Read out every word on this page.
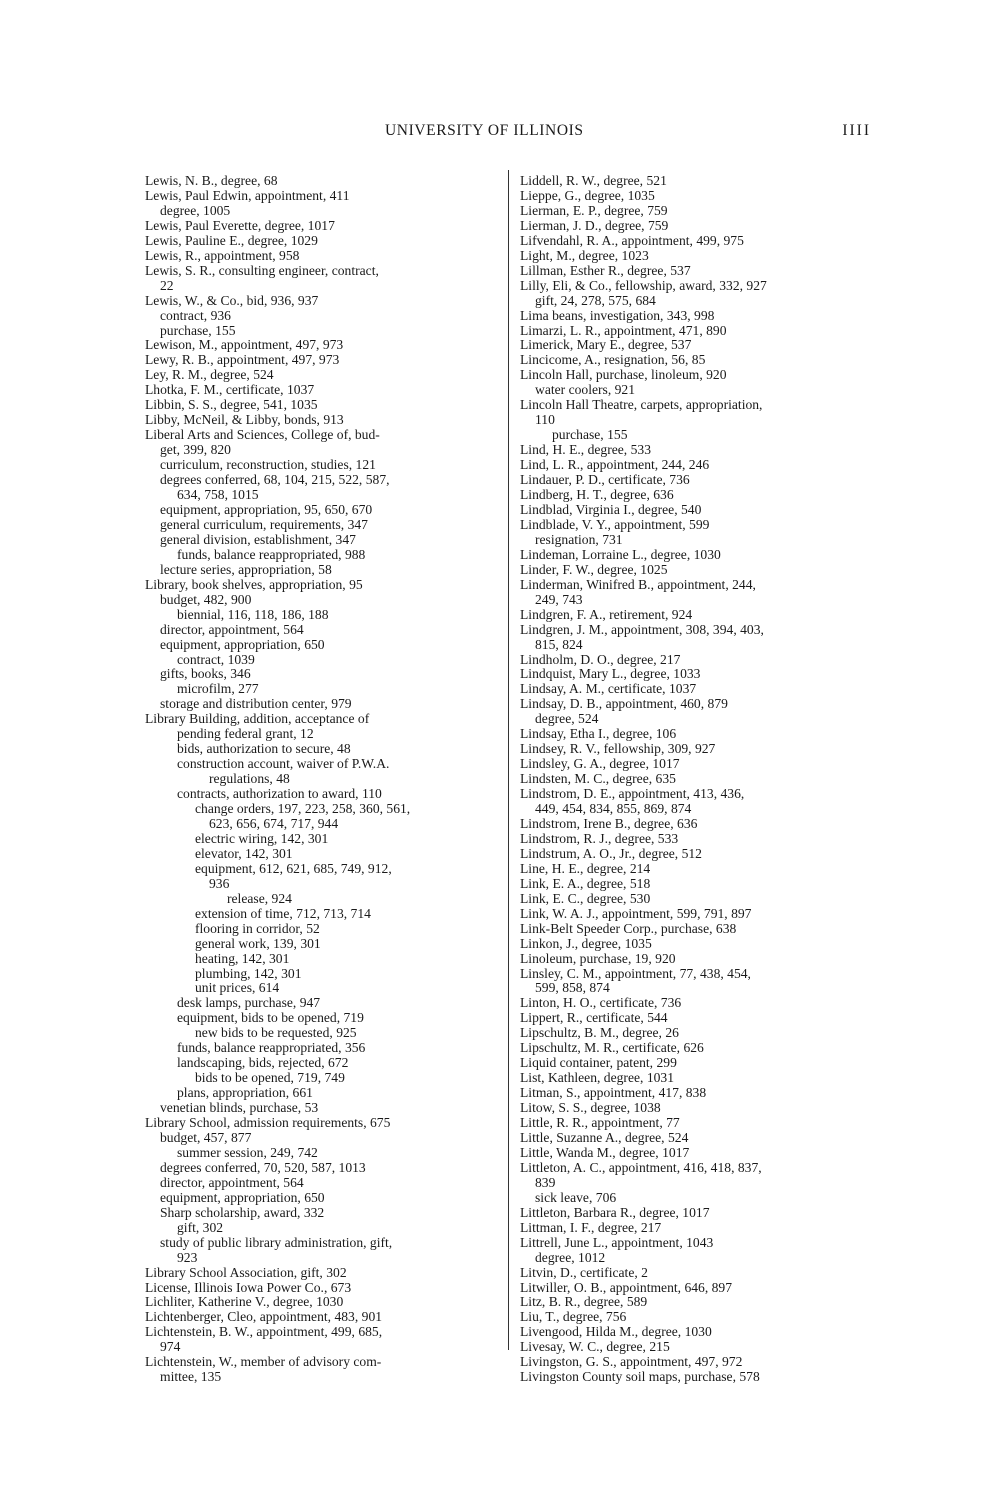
UNIVERSITY OF ILLINOIS	IIII
Lewis, N. B., degree, 68
Lewis, Paul Edwin, appointment, 411
degree, 1005
Lewis, Paul Everette, degree, 1017
Lewis, Pauline E., degree, 1029
Lewis, R., appointment, 958
Lewis, S. R., consulting engineer, contract,
22
Lewis, W., & Co., bid, 936, 937
contract, 936
purchase, 155
Lewison, M., appointment, 497, 973
Lewy, R. B., appointment, 497, 973
Ley, R. M., degree, 524
Lhotka, F. M., certificate, 1037
Libbin, S. S., degree, 541, 1035
Libby, McNeil, & Libby, bonds, 913
Liberal Arts and Sciences, College of, bud-
get, 399, 820
curriculum, reconstruction, studies, 121
degrees conferred, 68, 104, 215, 522, 587,
634, 758, 1015
equipment, appropriation, 95, 650, 670
general curriculum, requirements, 347
general division, establishment, 347
funds, balance reappropriated, 988
lecture series, appropriation, 58
Library, book shelves, appropriation, 95
budget, 482, 900
biennial, 116, 118, 186, 188
director, appointment, 564
equipment, appropriation, 650
contract, 1039
gifts, books, 346
microfilm, 277
storage and distribution center, 979
Library Building, addition, acceptance of
pending federal grant, 12
bids, authorization to secure, 48
construction account, waiver of P.W.A.
regulations, 48
contracts, authorization to award, 110
change orders, 197, 223, 258, 360, 561,
623, 656, 674, 717, 944
electric wiring, 142, 301
elevator, 142, 301
equipment, 612, 621, 685, 749, 912,
936
release, 924
extension of time, 712, 713, 714
flooring in corridor, 52
general work, 139, 301
heating, 142, 301
plumbing, 142, 301
unit prices, 614
desk lamps, purchase, 947
equipment, bids to be opened, 719
new bids to be requested, 925
funds, balance reappropriated, 356
landscaping, bids, rejected, 672
bids to be opened, 719, 749
plans, appropriation, 661
venetian blinds, purchase, 53
Library School, admission requirements, 675
budget, 457, 877
summer session, 249, 742
degrees conferred, 70, 520, 587, 1013
director, appointment, 564
equipment, appropriation, 650
Sharp scholarship, award, 332
gift, 302
study of public library administration, gift,
923
Library School Association, gift, 302
License, Illinois Iowa Power Co., 673
Lichliter, Katherine V., degree, 1030
Lichtenberger, Cleo, appointment, 483, 901
Lichtenstein, B. W., appointment, 499, 685,
974
Lichtenstein, W., member of advisory com-
mittee, 135
Liddell, R. W., degree, 521
Lieppe, G., degree, 1035
Lierman, E. P., degree, 759
Lierman, J. D., degree, 759
Lifvendahl, R. A., appointment, 499, 975
Light, M., degree, 1023
Lillman, Esther R., degree, 537
Lilly, Eli, & Co., fellowship, award, 332, 927
gift, 24, 278, 575, 684
Lima beans, investigation, 343, 998
Limarzi, L. R., appointment, 471, 890
Limerick, Mary E., degree, 537
Lincicome, A., resignation, 56, 85
Lincoln Hall, purchase, linoleum, 920
water coolers, 921
Lincoln Hall Theatre, carpets, appropriation,
110
purchase, 155
Lind, H. E., degree, 533
Lind, L. R., appointment, 244, 246
Lindauer, P. D., certificate, 736
Lindberg, H. T., degree, 636
Lindblad, Virginia I., degree, 540
Lindblade, V. Y., appointment, 599
resignation, 731
Lindeman, Lorraine L., degree, 1030
Linder, F. W., degree, 1025
Linderman, Winifred B., appointment, 244,
249, 743
Lindgren, F. A., retirement, 924
Lindgren, J. M., appointment, 308, 394, 403,
815, 824
Lindholm, D. O., degree, 217
Lindquist, Mary L., degree, 1033
Lindsay, A. M., certificate, 1037
Lindsay, D. B., appointment, 460, 879
degree, 524
Lindsay, Etha I., degree, 106
Lindsey, R. V., fellowship, 309, 927
Lindsley, G. A., degree, 1017
Lindsten, M. C., degree, 635
Lindstrom, D. E., appointment, 413, 436,
449, 454, 834, 855, 869, 874
Lindstrom, Irene B., degree, 636
Lindstrom, R. J., degree, 533
Lindstrum, A. O., Jr., degree, 512
Line, H. E., degree, 214
Link, E. A., degree, 518
Link, E. C., degree, 530
Link, W. A. J., appointment, 599, 791, 897
Link-Belt Speeder Corp., purchase, 638
Linkon, J., degree, 1035
Linoleum, purchase, 19, 920
Linsley, C. M., appointment, 77, 438, 454,
599, 858, 874
Linton, H. O., certificate, 736
Lippert, R., certificate, 544
Lipschultz, B. M., degree, 26
Lipschultz, M. R., certificate, 626
Liquid container, patent, 299
List, Kathleen, degree, 1031
Litman, S., appointment, 417, 838
Litow, S. S., degree, 1038
Little, R. R., appointment, 77
Little, Suzanne A., degree, 524
Little, Wanda M., degree, 1017
Littleton, A. C., appointment, 416, 418, 837,
839
sick leave, 706
Littleton, Barbara R., degree, 1017
Littman, I. F., degree, 217
Littrell, June L., appointment, 1043
degree, 1012
Litvin, D., certificate, 2
Litwiller, O. B., appointment, 646, 897
Litz, B. R., degree, 589
Liu, T., degree, 756
Livengood, Hilda M., degree, 1030
Livesay, W. C., degree, 215
Livingston, G. S., appointment, 497, 972
Livingston County soil maps, purchase, 578
